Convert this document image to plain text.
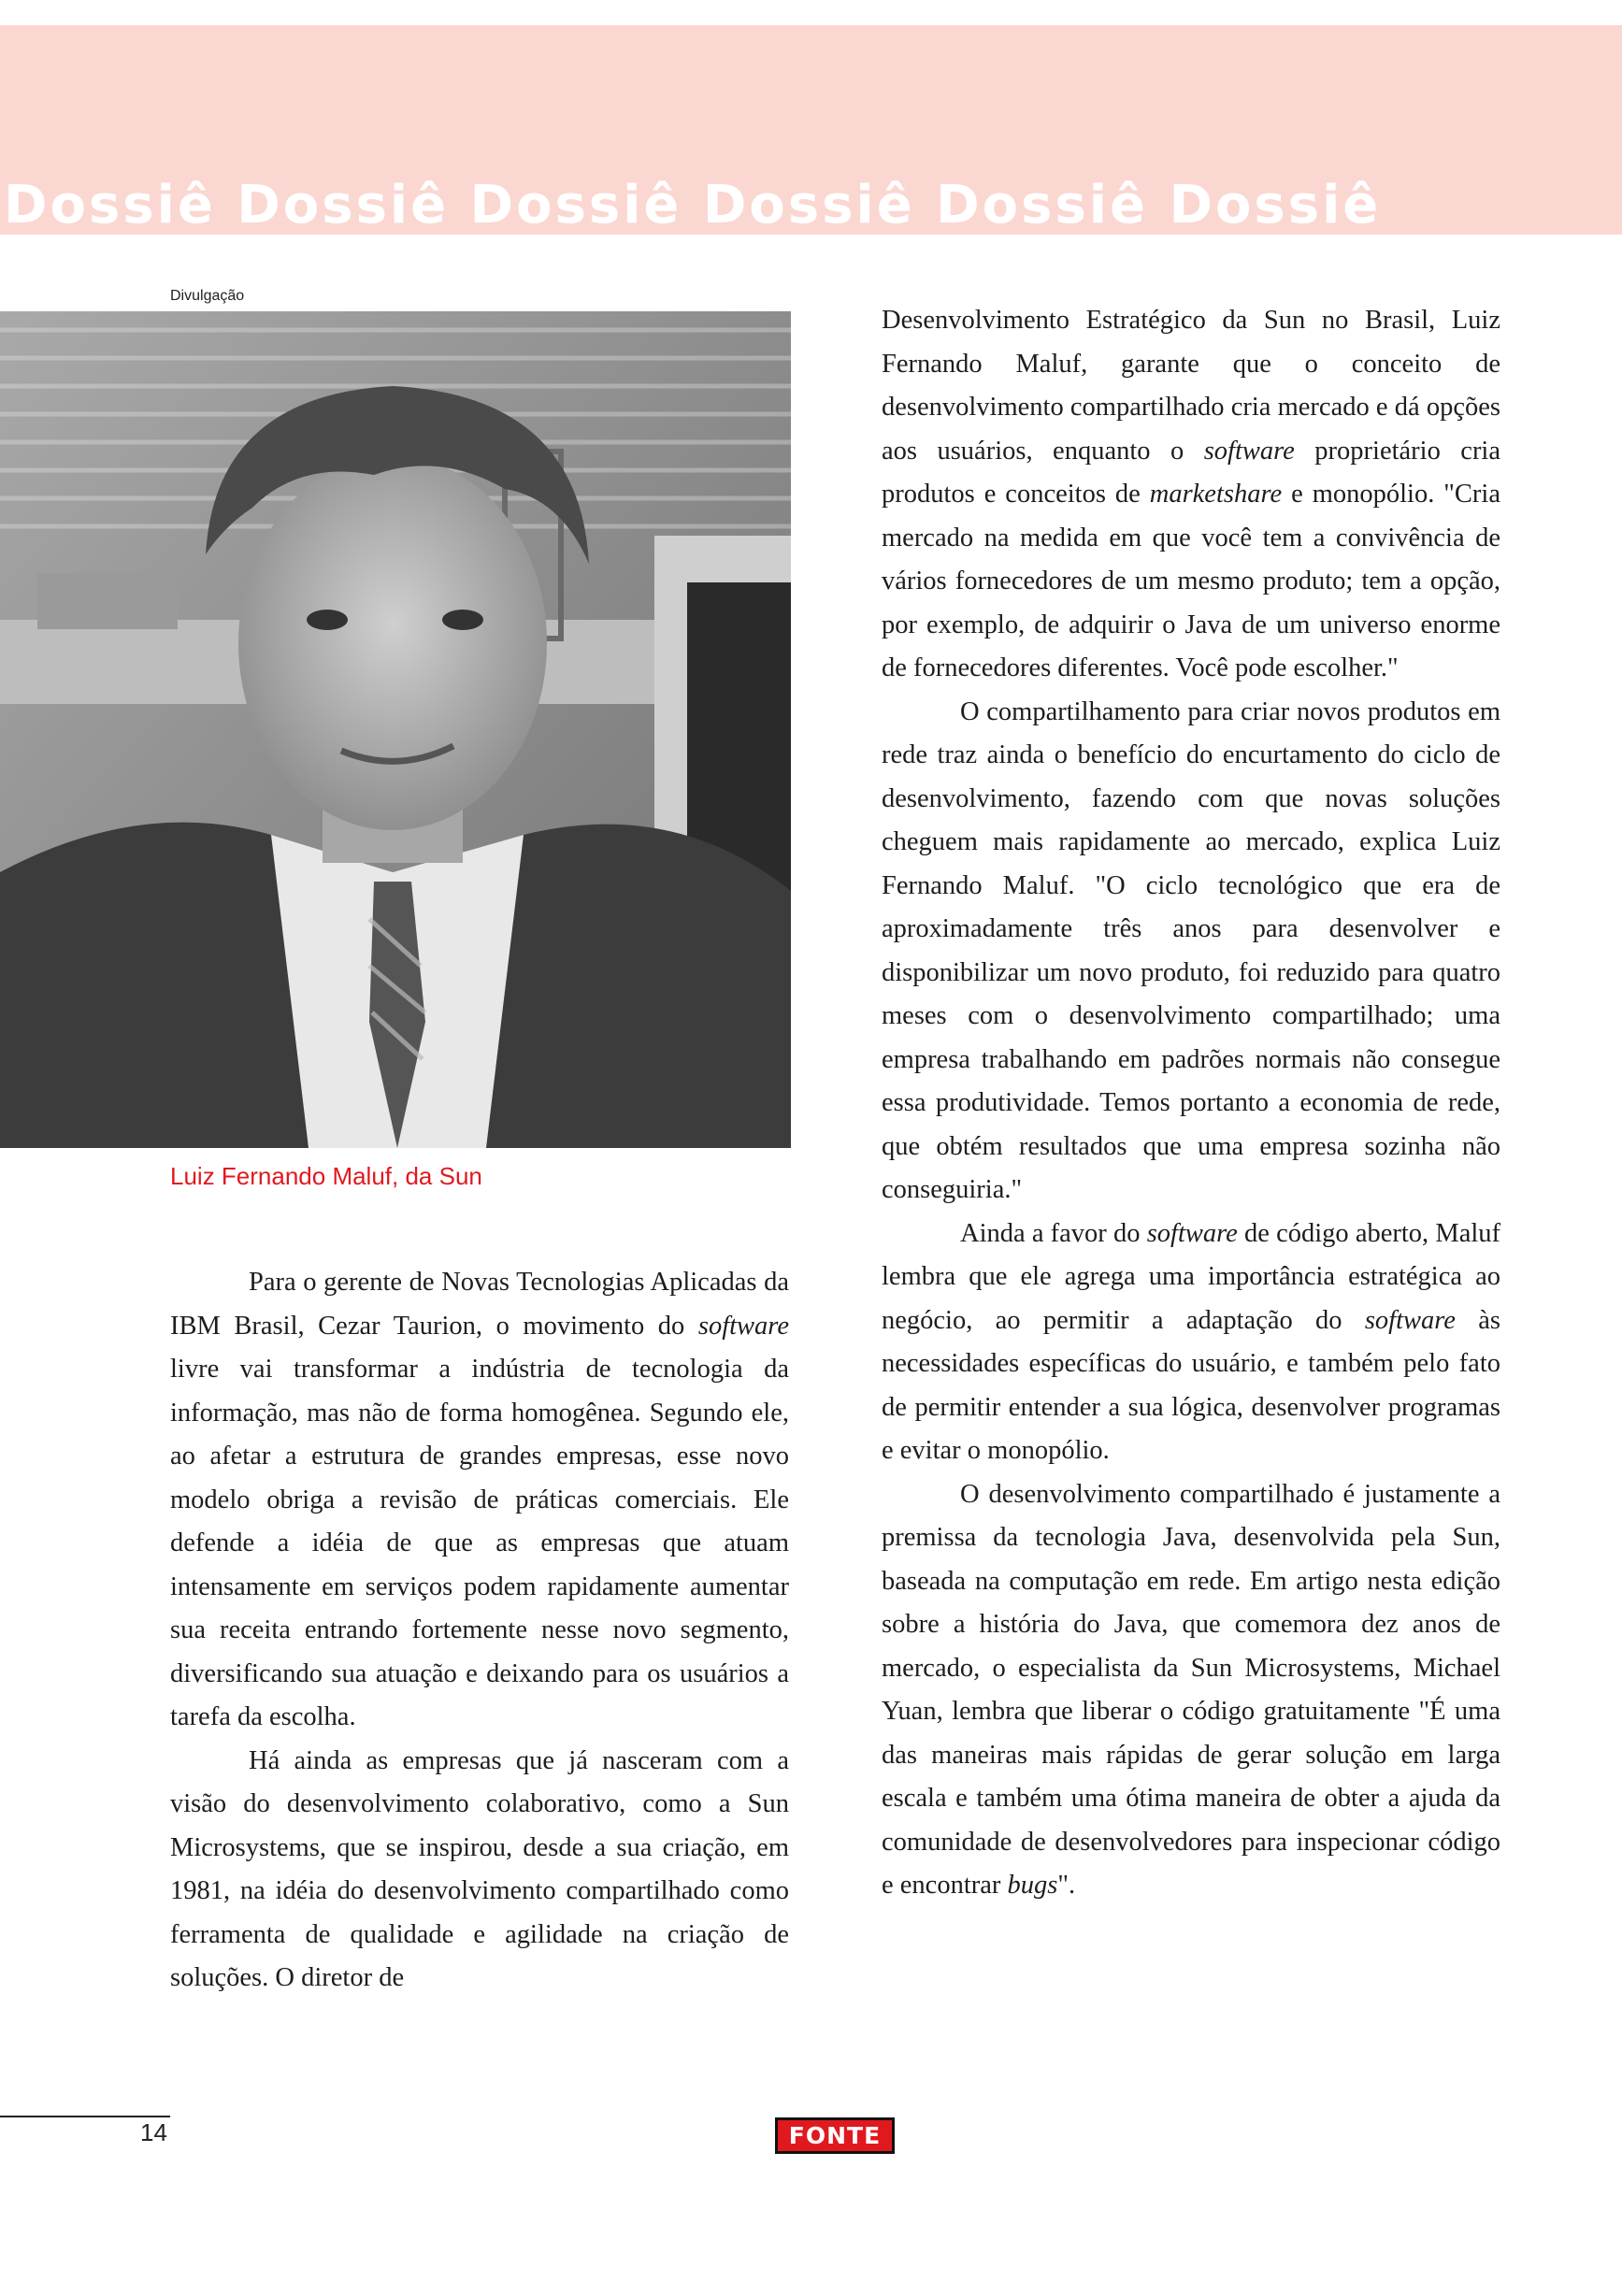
Dossiê Dossiê Dossiê Dossiê Dossiê Dossiê
Divulgação
Luiz Fernando Maluf, da Sun

Para o gerente de Novas Tecnologias Aplicadas da IBM Brasil, Cezar Taurion, o movimento do software livre vai transformar a indústria de tecnologia da informação, mas não de forma homogênea. Segundo ele, ao afetar a estrutura de grandes empresas, esse novo modelo obriga a revisão de práticas comerciais. Ele defende a idéia de que as empresas que atuam intensamente em serviços podem rapidamente aumentar sua receita entrando fortemente nesse novo segmento, diversificando sua atuação e deixando para os usuários a tarefa da escolha.

Há ainda as empresas que já nasceram com a visão do desenvolvimento colaborativo, como a Sun Microsystems, que se inspirou, desde a sua criação, em 1981, na idéia do desenvolvimento compartilhado como ferramenta de qualidade e agilidade na criação de soluções. O diretor de

Desenvolvimento Estratégico da Sun no Brasil, Luiz Fernando Maluf, garante que o conceito de desenvolvimento compartilhado cria mercado e dá opções aos usuários, enquanto o software proprietário cria produtos e conceitos de marketshare e monopólio. "Cria mercado na medida em que você tem a convivência de vários fornecedores de um mesmo produto; tem a opção, por exemplo, de adquirir o Java de um universo enorme de fornecedores diferentes. Você pode escolher."

O compartilhamento para criar novos produtos em rede traz ainda o benefício do encurtamento do ciclo de desenvolvimento, fazendo com que novas soluções cheguem mais rapidamente ao mercado, explica Luiz Fernando Maluf. "O ciclo tecnológico que era de aproximadamente três anos para desenvolver e disponibilizar um novo produto, foi reduzido para quatro meses com o desenvolvimento compartilhado; uma empresa trabalhando em padrões normais não consegue essa produtividade. Temos portanto a economia de rede, que obtém resultados que uma empresa sozinha não conseguiria."

Ainda a favor do software de código aberto, Maluf lembra que ele agrega uma importância estratégica ao negócio, ao permitir a adaptação do software às necessidades específicas do usuário, e também pelo fato de permitir entender a sua lógica, desenvolver programas e evitar o monopólio.

O desenvolvimento compartilhado é justamente a premissa da tecnologia Java, desenvolvida pela Sun, baseada na computação em rede. Em artigo nesta edição sobre a história do Java, que comemora dez anos de mercado, o especialista da Sun Microsystems, Michael Yuan, lembra que liberar o código gratuitamente "É uma das maneiras mais rápidas de gerar solução em larga escala e também uma ótima maneira de obter a ajuda da comunidade de desenvolvedores para inspecionar código e encontrar bugs".

14	FONTE
